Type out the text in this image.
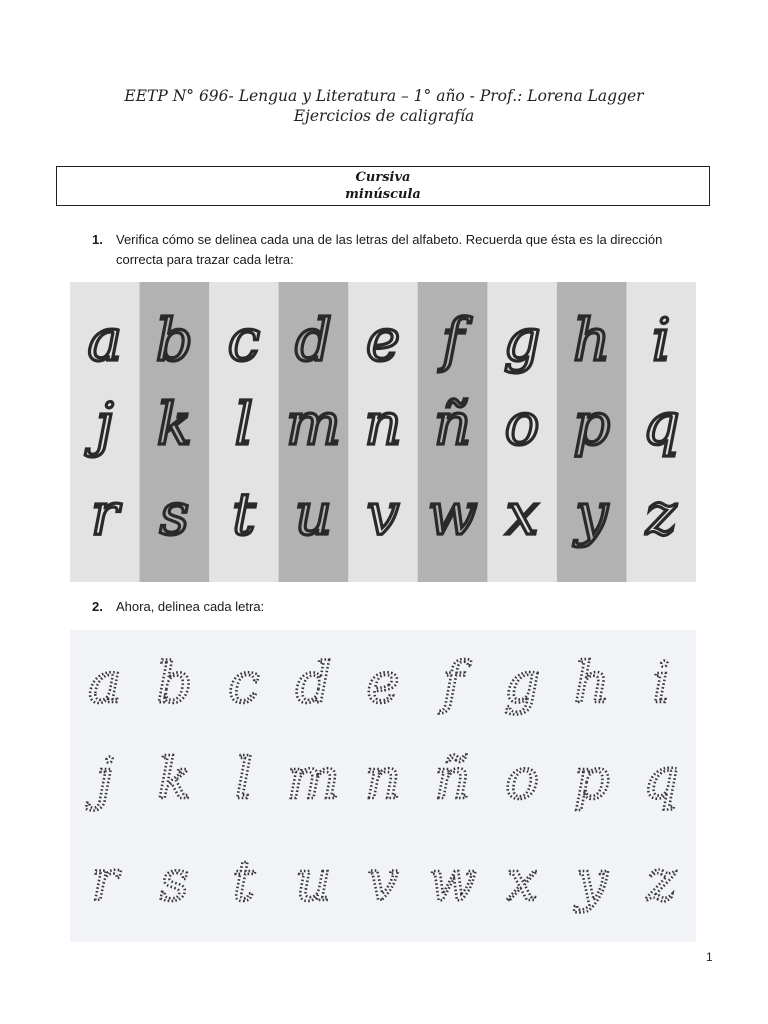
EETP N° 696- Lengua y Literatura – 1° año - Prof.: Lorena Lagger
Ejercicios de caligrafía
Cursiva
minúscula
1. Verifica cómo se delinea cada una de las letras del alfabeto. Recuerda que ésta es la dirección correcta para trazar cada letra:
a b c d e f g h i
j k l m n ñ o p q
r s t u v w x y z
2. Ahora, delinea cada letra:
a b c d e f g h i
j k l m n ñ o p q
r s t u v w x y z
1
